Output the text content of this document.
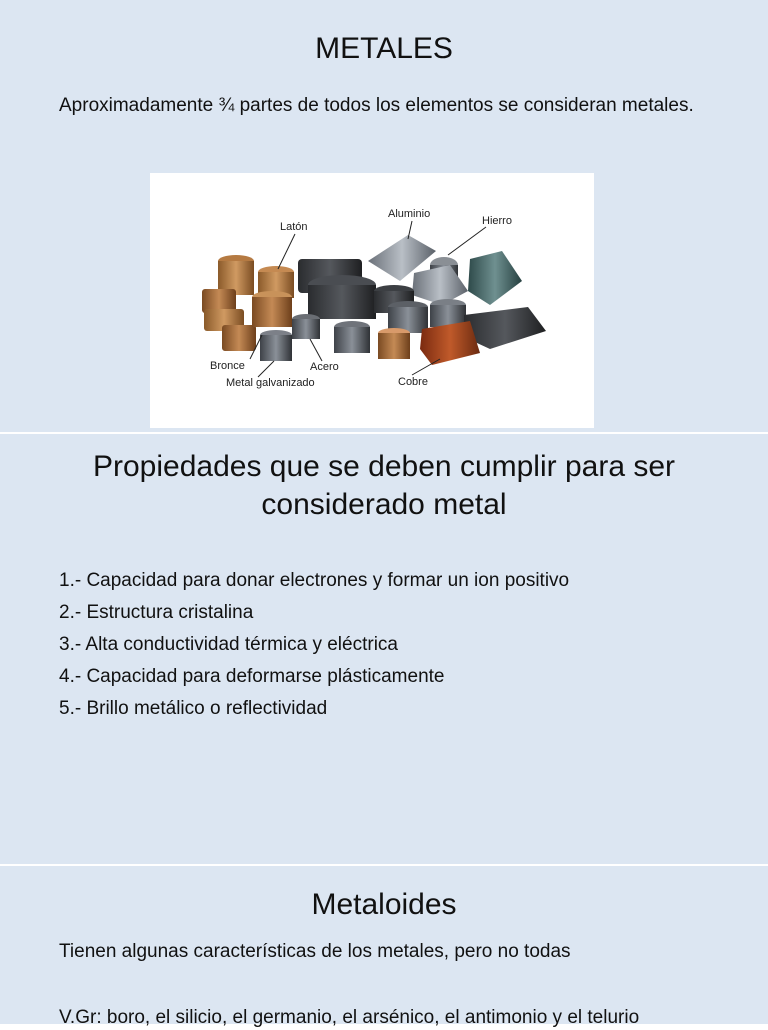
METALES

Aproximadamente ¾ partes de todos los elementos se consideran metales.

Latón
Aluminio
Hierro
Bronce	Acero
Metal galvanizado	Cobre
Propiedades que se deben cumplir para ser considerado metal
1.- Capacidad para donar electrones y formar un ion positivo
2.- Estructura cristalina
3.- Alta conductividad térmica y eléctrica
4.- Capacidad para deformarse plásticamente
5.- Brillo metálico o reflectividad
Metaloides

Tienen algunas características de los metales, pero no todas

V.Gr: boro, el silicio, el germanio, el arsénico, el antimonio y el telurio
